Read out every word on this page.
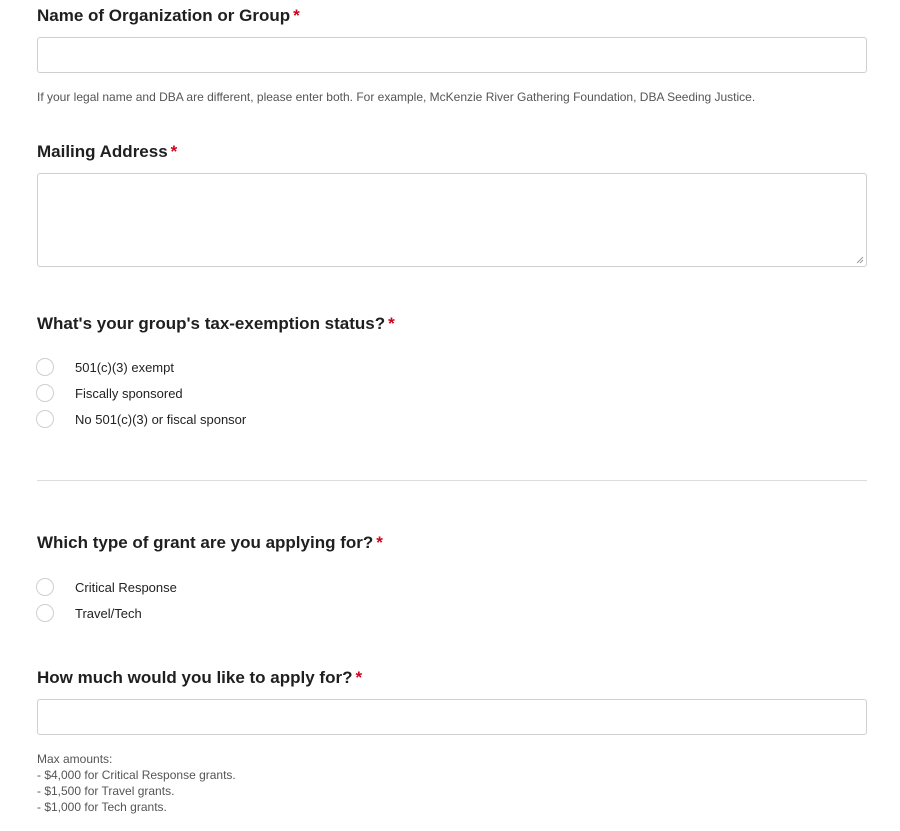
Name of Organization or Group *
If your legal name and DBA are different, please enter both. For example, McKenzie River Gathering Foundation, DBA Seeding Justice.
Mailing Address *
What's your group's tax-exemption status? *
501(c)(3) exempt
Fiscally sponsored
No 501(c)(3) or fiscal sponsor
Which type of grant are you applying for? *
Critical Response
Travel/Tech
How much would you like to apply for? *
Max amounts:
- $4,000 for Critical Response grants.
- $1,500 for Travel grants.
- $1,000 for Tech grants.
